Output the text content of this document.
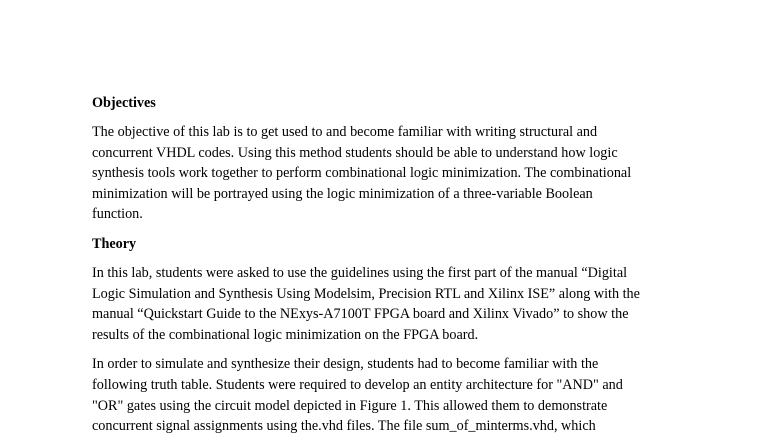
Objectives
The objective of this lab is to get used to and become familiar with writing structural and
concurrent VHDL codes. Using this method students should be able to understand how logic
synthesis tools work together to perform combinational logic minimization. The combinational
minimization will be portrayed using the logic minimization of a three-variable Boolean
function.
Theory
In this lab, students were asked to use the guidelines using the first part of the manual “Digital
Logic Simulation and Synthesis Using Modelsim, Precision RTL and Xilinx ISE” along with the
manual “Quickstart Guide to the NExys-A7100T FPGA board and Xilinx Vivado” to show the
results of the combinational logic minimization on the FPGA board.
In order to simulate and synthesize their design, students had to become familiar with the
following truth table. Students were required to develop an entity architecture for "AND" and
"OR" gates using the circuit model depicted in Figure 1. This allowed them to demonstrate
concurrent signal assignments using the.vhd files. The file sum_of_minterms.vhd, which
